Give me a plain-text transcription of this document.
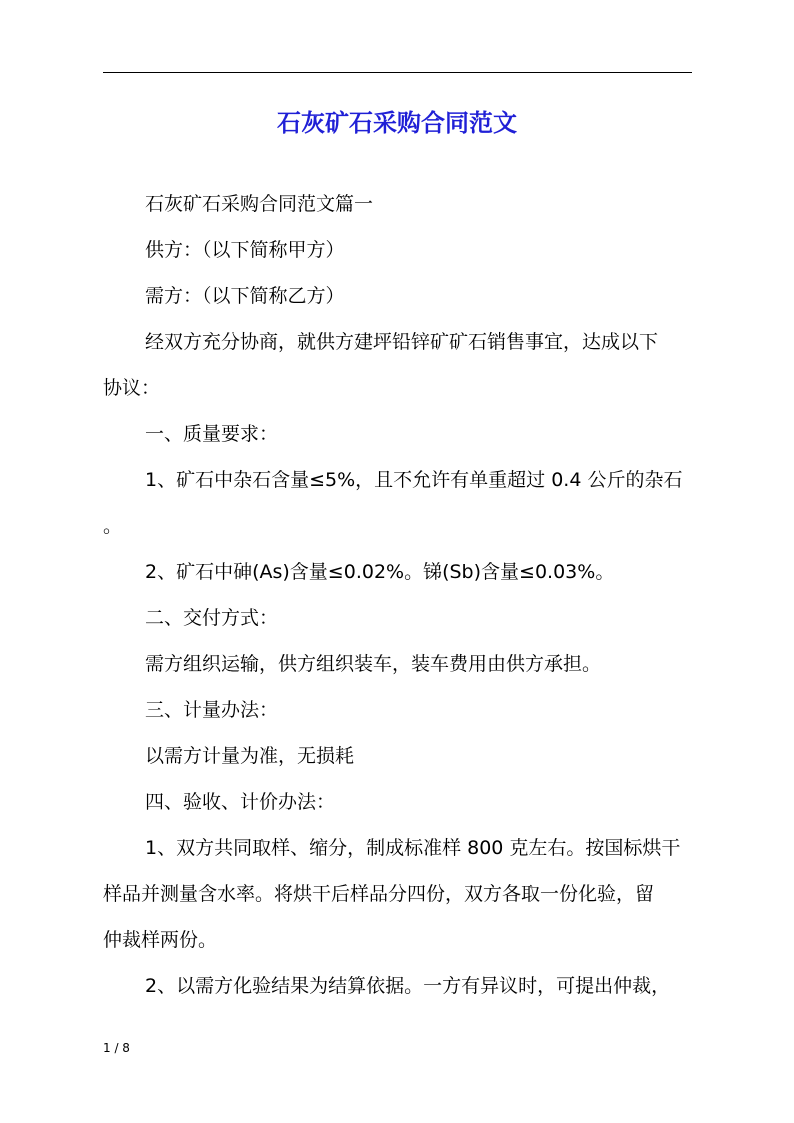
石灰矿石采购合同范文
石灰矿石采购合同范文篇一
供方：（以下简称甲方）
需方：（以下简称乙方）
经双方充分协商，就供方建坪铅锌矿矿石销售事宜，达成以下
协议：
一、质量要求：
1、矿石中杂石含量≤5%，且不允许有单重超过 0.4 公斤的杂石
。
2、矿石中砷(As)含量≤0.02%。锑(Sb)含量≤0.03%。
二、交付方式：
需方组织运输，供方组织装车，装车费用由供方承担。
三、计量办法：
以需方计量为准，无损耗
四、验收、计价办法：
1、双方共同取样、缩分，制成标准样 800 克左右。按国标烘干
样品并测量含水率。将烘干后样品分四份，双方各取一份化验，留
仲裁样两份。
2、以需方化验结果为结算依据。一方有异议时，可提出仲裁，
1 / 8
